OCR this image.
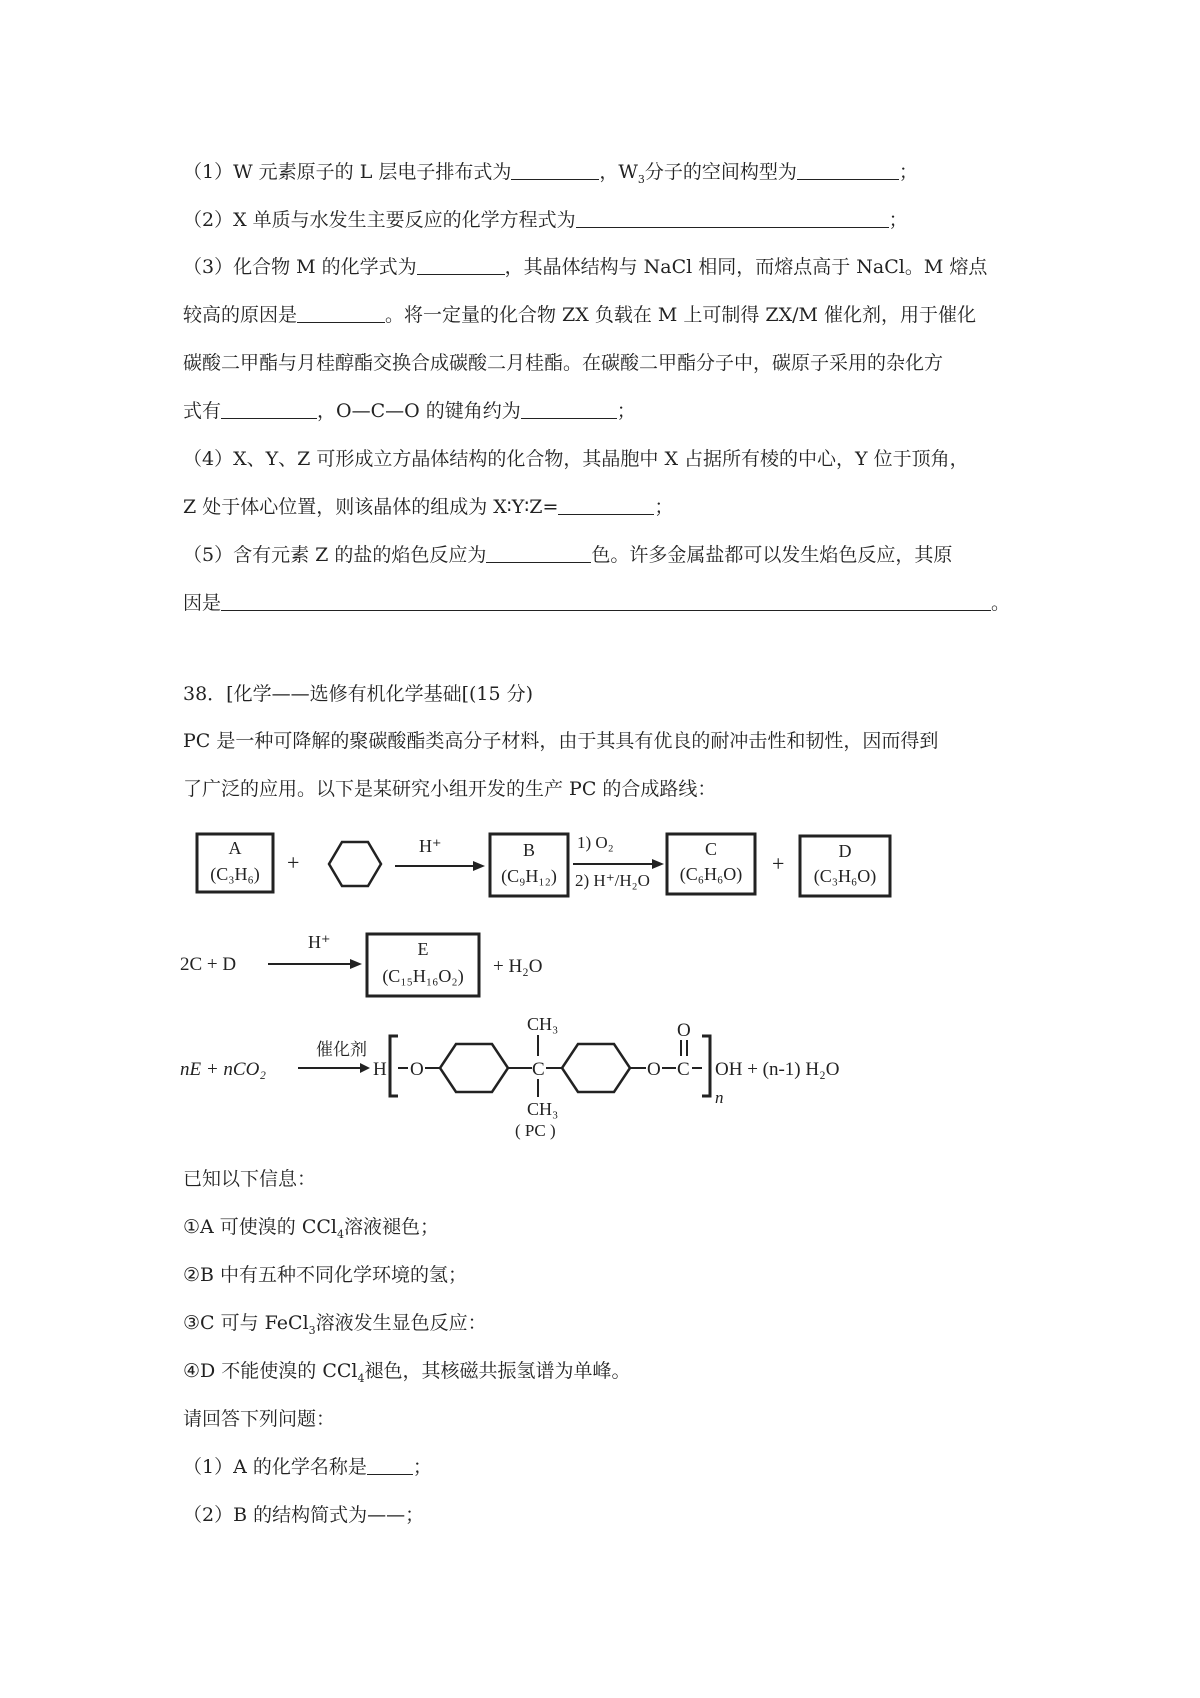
（1）W 元素原子的 L 层电子排布式为	，$W_3$分子的空间构型为	；
（2）X 单质与水发生主要反应的化学方程式为	；
（3）化合物 M 的化学式为	，其晶体结构与 NaCl 相同，而熔点高于 NaCl。M 熔点
较高的原因是	。将一定量的化合物 ZX 负载在 M 上可制得 ZX/M 催化剂，用于催化
碳酸二甲酯与月桂醇酯交换合成碳酸二月桂酯。在碳酸二甲酯分子中，碳原子采用的杂化方
式有	，O—C—O 的键角约为	；
（4）X、Y、Z 可形成立方晶体结构的化合物，其晶胞中 X 占据所有棱的中心，Y 位于顶角，
Z 处于体心位置，则该晶体的组成为 X∶Y∶Z=	；
（5）含有元素 Z 的盐的焰色反应为	色。许多金属盐都可以发生焰色反应，其原
因是	。
38．[化学——选修有机化学基础[(15 分)
PC 是一种可降解的聚碳酸酯类高分子材料，由于其具有优良的耐冲击性和韧性，因而得到
了广泛的应用。以下是某研究小组开发的生产 PC 的合成路线：
A
(C₃H₆) +
H⁺	B
(C₉H₁₂)
1) O₂
2) H⁺/H₂O
C
(C₆H₆O) +	D
(C₃H₆O)
2C + D
H⁺	E
(C₁₅H₁₆O₂) + H₂O
nE + nCO₂
催化剂
H O	C
CH₃
CH₃
O C
O
OH + (n-1) H₂O
n
( PC )
已知以下信息：
①A 可使溴的 CCl$_4$溶液褪色；
②B 中有五种不同化学环境的氢；
③C 可与 FeCl$_3$溶液发生显色反应：
④D 不能使溴的 CCl$_4$褪色，其核磁共振氢谱为单峰。
请回答下列问题：
（1）A 的化学名称是 ；
（2）B 的结构简式为——；
